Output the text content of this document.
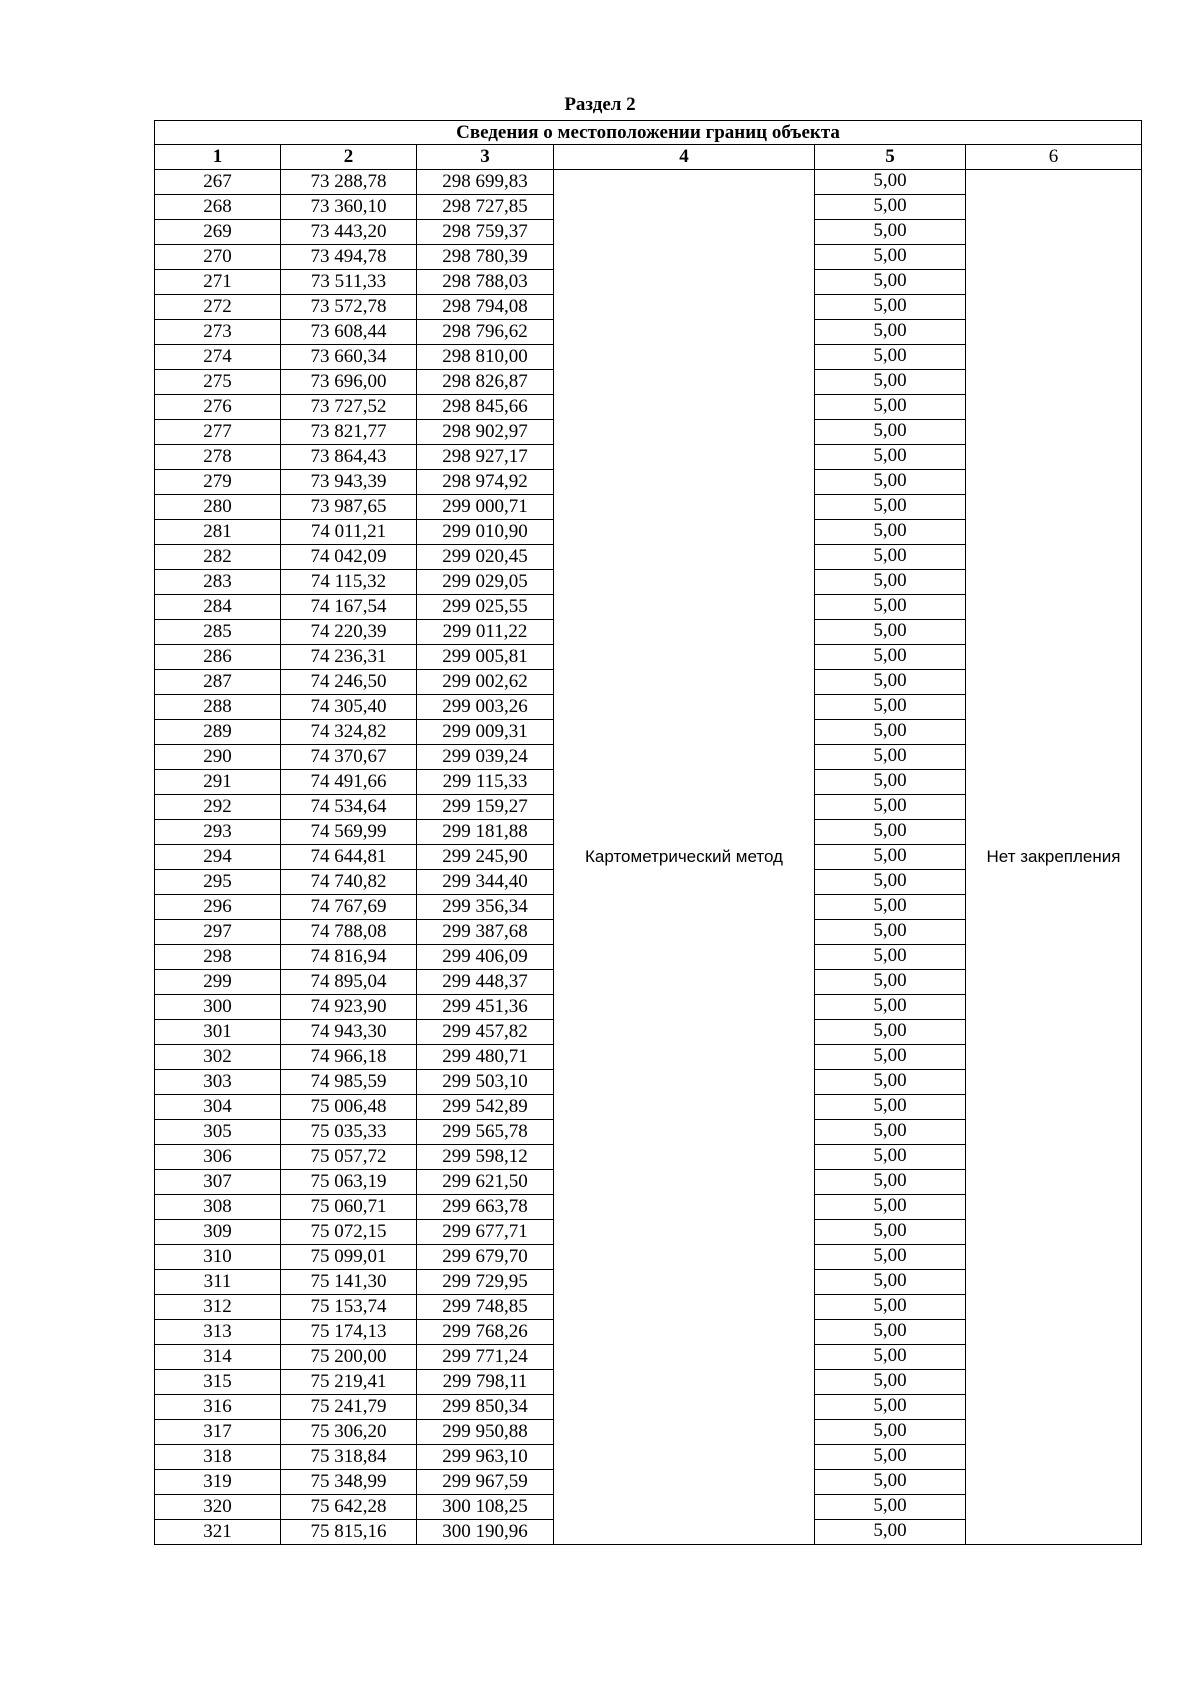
Раздел 2
Сведения о местоположении границ объекта					
1	2	3	4	5	6
267	73 288,78	298 699,83	Картометрический метод	5,00	Нет закрепления
268	73 360,10	298 727,85		5,00	
269	73 443,20	298 759,37		5,00	
270	73 494,78	298 780,39		5,00	
271	73 511,33	298 788,03		5,00	
272	73 572,78	298 794,08		5,00	
273	73 608,44	298 796,62		5,00	
274	73 660,34	298 810,00		5,00	
275	73 696,00	298 826,87		5,00	
276	73 727,52	298 845,66		5,00	
277	73 821,77	298 902,97		5,00	
278	73 864,43	298 927,17		5,00	
279	73 943,39	298 974,92		5,00	
280	73 987,65	299 000,71		5,00	
281	74 011,21	299 010,90		5,00	
282	74 042,09	299 020,45		5,00	
283	74 115,32	299 029,05		5,00	
284	74 167,54	299 025,55		5,00	
285	74 220,39	299 011,22		5,00	
286	74 236,31	299 005,81		5,00	
287	74 246,50	299 002,62		5,00	
288	74 305,40	299 003,26		5,00	
289	74 324,82	299 009,31		5,00	
290	74 370,67	299 039,24		5,00	
291	74 491,66	299 115,33		5,00	
292	74 534,64	299 159,27		5,00	
293	74 569,99	299 181,88		5,00	
294	74 644,81	299 245,90		5,00	
295	74 740,82	299 344,40		5,00	
296	74 767,69	299 356,34		5,00	
297	74 788,08	299 387,68		5,00	
298	74 816,94	299 406,09		5,00	
299	74 895,04	299 448,37		5,00	
300	74 923,90	299 451,36		5,00	
301	74 943,30	299 457,82		5,00	
302	74 966,18	299 480,71		5,00	
303	74 985,59	299 503,10		5,00	
304	75 006,48	299 542,89		5,00	
305	75 035,33	299 565,78		5,00	
306	75 057,72	299 598,12		5,00	
307	75 063,19	299 621,50		5,00	
308	75 060,71	299 663,78		5,00	
309	75 072,15	299 677,71		5,00	
310	75 099,01	299 679,70		5,00	
311	75 141,30	299 729,95		5,00	
312	75 153,74	299 748,85		5,00	
313	75 174,13	299 768,26		5,00	
314	75 200,00	299 771,24		5,00	
315	75 219,41	299 798,11		5,00	
316	75 241,79	299 850,34		5,00	
317	75 306,20	299 950,88		5,00	
318	75 318,84	299 963,10		5,00	
319	75 348,99	299 967,59		5,00	
320	75 642,28	300 108,25		5,00	
321	75 815,16	300 190,96		5,00	
